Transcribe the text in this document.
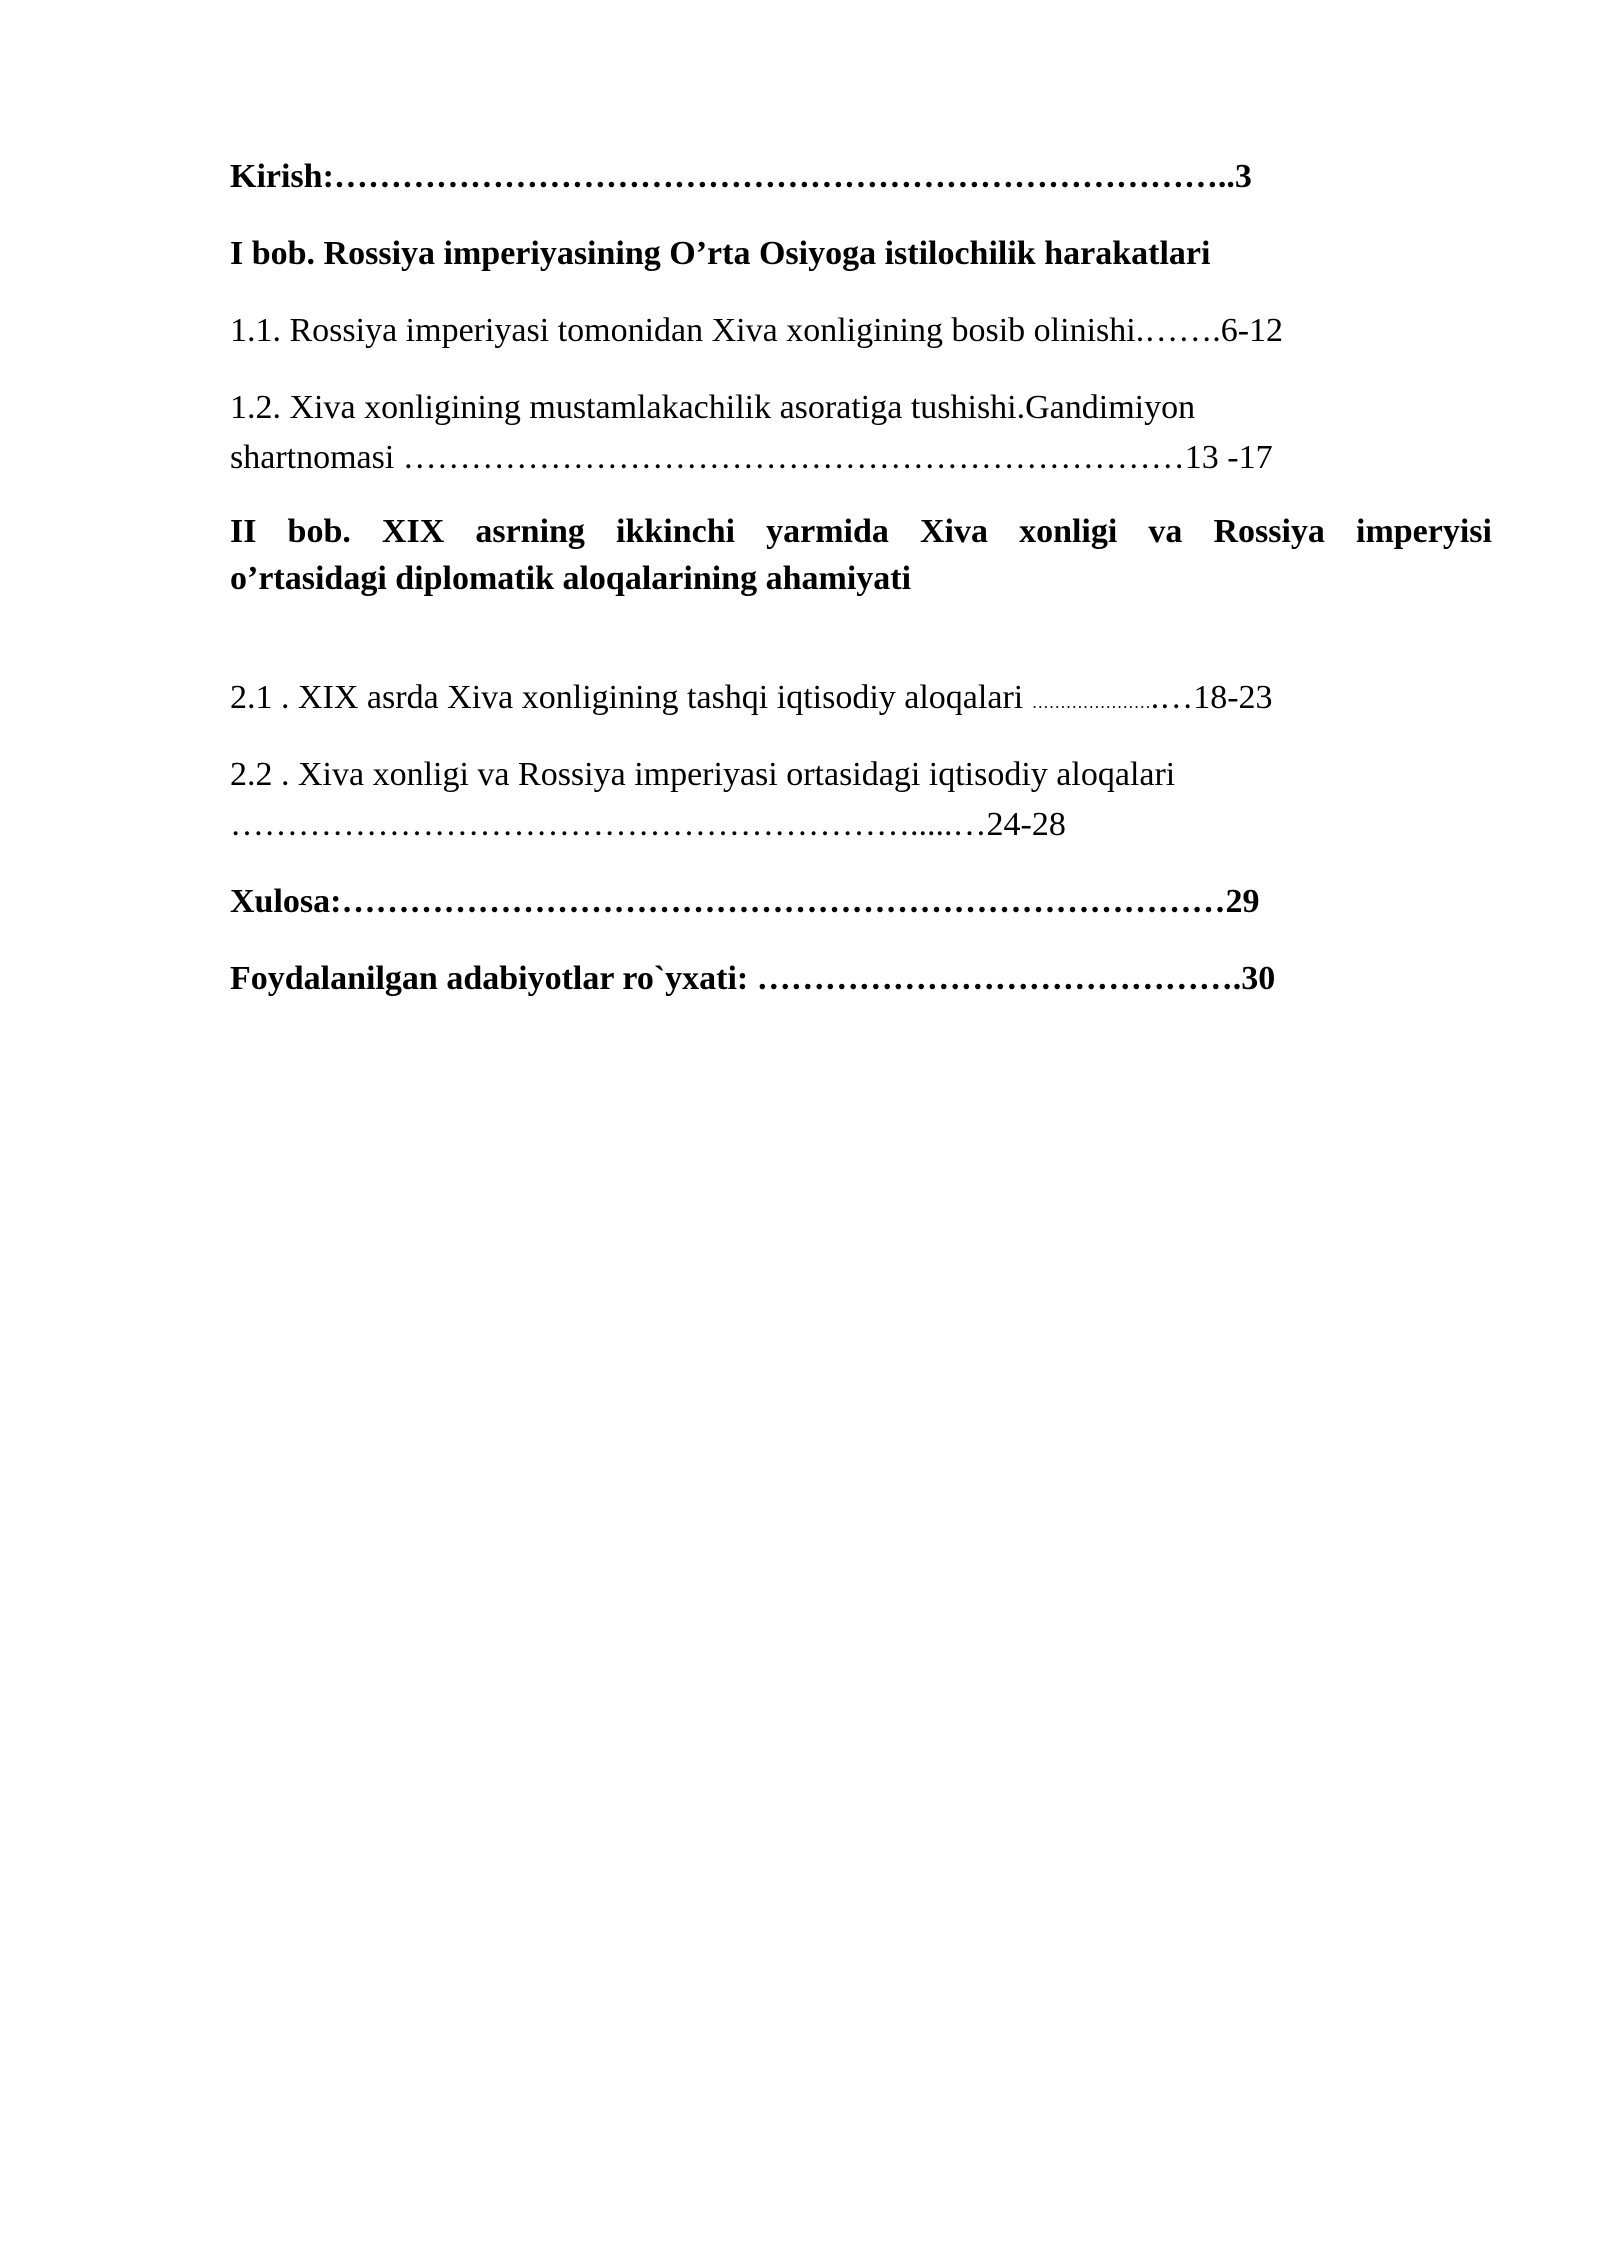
Kirish:……………………………………………………………………..3
I bob. Rossiya imperiyasining O’rta Osiyoga istilochilik harakatlari
1.1. Rossiya imperiyasi tomonidan Xiva xonligining bosib olinishi.…….6-12
1.2. Xiva xonligining mustamlakachilik asoratiga tushishi.Gandimiyon
shartnomasi ……………………………………………………………13 -17
II bob. XIX asrning ikkinchi yarmida Xiva xonligi va Rossiya imperyisi
o’rtasidagi diplomatik aloqalarining ahamiyati
2.1 . XIX asrda Xiva xonligining tashqi iqtisodiy aloqalari ………………….…18-23
2.2 . Xiva xonligi va Rossiya imperiyasi ortasidagi iqtisodiy aloqalari
…………………………………………………….....…24-28
Xulosa:……………………………………………………………………29
Foydalanilgan adabiyotlar ro`yxati: …………………………………….30
